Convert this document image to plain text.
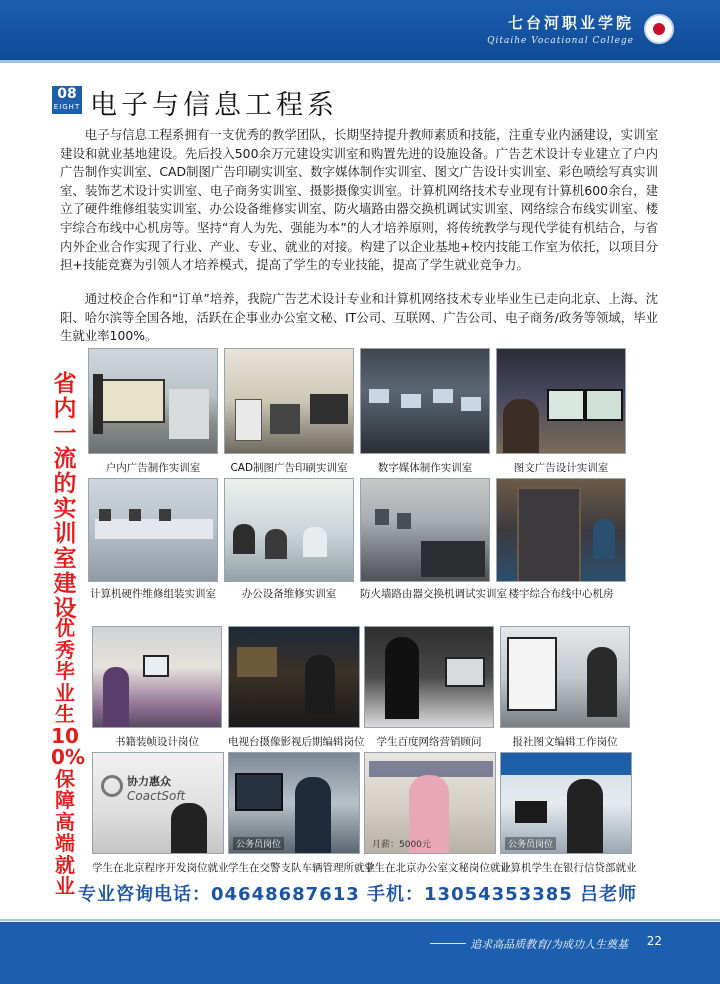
七台河职业学院
Qitaihe Vocational College
08
EIGHT 电子与信息工程系

电子与信息工程系拥有一支优秀的教学团队，长期坚持提升教师素质和技能，注重专业内涵建设，实训室建设和就业基地建设。先后投入500余万元建设实训室和购置先进的设施设备。广告艺术设计专业建立了户内广告制作实训室、CAD制图广告印刷实训室、数字媒体制作实训室、图文广告设计实训室、彩色喷绘写真实训室、装饰艺术设计实训室、电子商务实训室、摄影摄像实训室。计算机网络技术专业现有计算机600余台，建立了硬件维修组装实训室、办公设备维修实训室、防火墙路由器交换机调试实训室、网络综合布线实训室、楼宇综合布线中心机房等。坚持“育人为先、强能为本”的人才培养原则，将传统教学与现代学徒有机结合，与省内外企业合作实现了行业、产业、专业、就业的对接。构建了以企业基地+校内技能工作室为依托，以项目分担+技能竞赛为引领人才培养模式，提高了学生的专业技能，提高了学生就业竞争力。

通过校企合作和“订单”培养，我院广告艺术设计专业和计算机网络技术专业毕业生已走向北京、上海、沈阳、哈尔滨等全国各地，活跃在企事业办公室文秘、IT公司、互联网、广告公司、电子商务/政务等领域，毕业生就业率100%。

省内一流的实训室建设
优秀毕业生100%保障高端就业
户内广告制作实训室	CAD制图广告印刷实训室	数字媒体制作实训室	图文广告设计实训室
计算机硬件维修组装实训室	办公设备维修实训室	防火墙路由器交换机调试实训室 楼宇综合布线中心机房
书籍装帧设计岗位	电视台摄像影视后期编辑岗位	学生百度网络营销顾问	报社图文编辑工作岗位
协力惠众
CoactSoft
学生在北京程序开发岗位就业
公务员岗位
学生在交警支队车辆管理所就业
月薪：5000元
学生在北京办公室文秘岗位就业
公务员岗位
计算机学生在银行信贷部就业
专业咨询电话：04648687613 手机：13054353385 吕老师
追求高品质教育/为成功人生奠基 22
